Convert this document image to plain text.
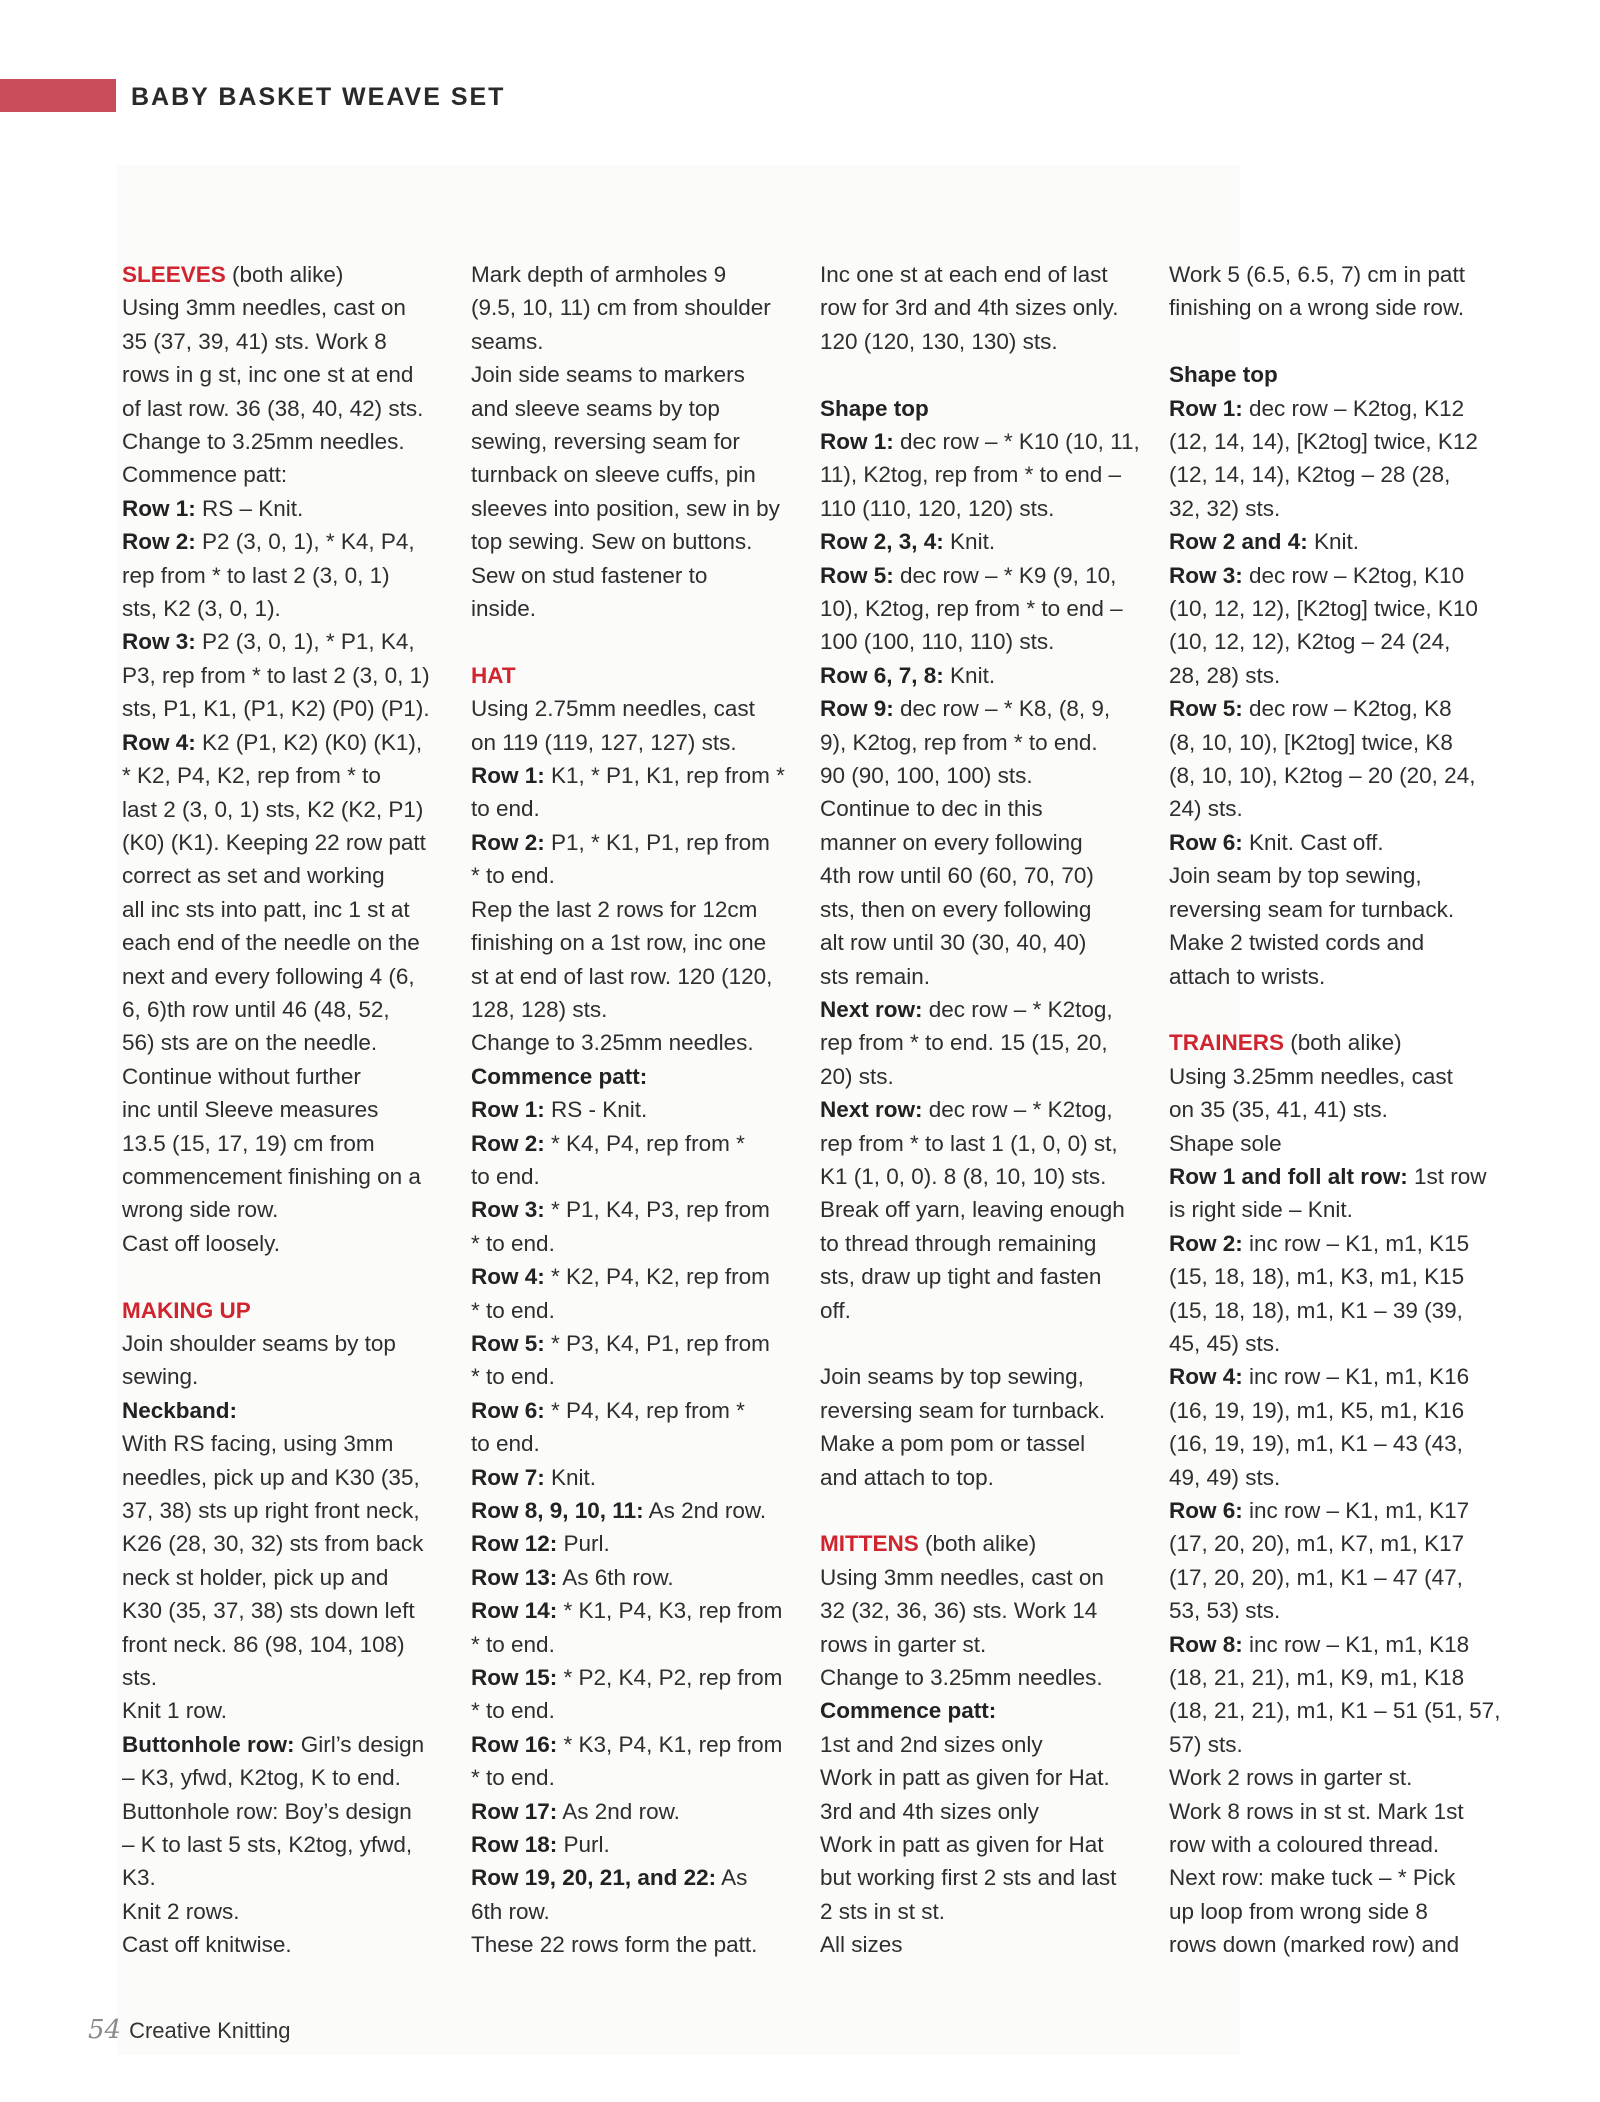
BABY BASKET WEAVE SET
SLEEVES (both alike)
Using 3mm needles, cast on
35 (37, 39, 41) sts. Work 8
rows in g st, inc one st at end
of last row. 36 (38, 40, 42) sts.
Change to 3.25mm needles.
Commence patt:
Row 1: RS – Knit.
Row 2: P2 (3, 0, 1), * K4, P4,
rep from * to last 2 (3, 0, 1)
sts, K2 (3, 0, 1).
Row 3: P2 (3, 0, 1), * P1, K4,
P3, rep from * to last 2 (3, 0, 1)
sts, P1, K1, (P1, K2) (P0) (P1).
Row 4: K2 (P1, K2) (K0) (K1),
* K2, P4, K2, rep from * to
last 2 (3, 0, 1) sts, K2 (K2, P1)
(K0) (K1). Keeping 22 row patt
correct as set and working
all inc sts into patt, inc 1 st at
each end of the needle on the
next and every following 4 (6,
6, 6)th row until 46 (48, 52,
56) sts are on the needle.
Continue without further
inc until Sleeve measures
13.5 (15, 17, 19) cm from
commencement finishing on a
wrong side row.
Cast off loosely.
MAKING UP
Join shoulder seams by top
sewing.
Neckband:
With RS facing, using 3mm
needles, pick up and K30 (35,
37, 38) sts up right front neck,
K26 (28, 30, 32) sts from back
neck st holder, pick up and
K30 (35, 37, 38) sts down left
front neck. 86 (98, 104, 108)
sts.
Knit 1 row.
Buttonhole row: Girl’s design
– K3, yfwd, K2tog, K to end.
Buttonhole row: Boy’s design
– K to last 5 sts, K2tog, yfwd,
K3.
Knit 2 rows.
Cast off knitwise.
Mark depth of armholes 9
(9.5, 10, 11) cm from shoulder
seams.
Join side seams to markers
and sleeve seams by top
sewing, reversing seam for
turnback on sleeve cuffs, pin
sleeves into position, sew in by
top sewing. Sew on buttons.
Sew on stud fastener to
inside.
HAT
Using 2.75mm needles, cast
on 119 (119, 127, 127) sts.
Row 1: K1, * P1, K1, rep from *
to end.
Row 2: P1, * K1, P1, rep from
* to end.
Rep the last 2 rows for 12cm
finishing on a 1st row, inc one
st at end of last row. 120 (120,
128, 128) sts.
Change to 3.25mm needles.
Commence patt:
Row 1: RS - Knit.
Row 2: * K4, P4, rep from *
to end.
Row 3: * P1, K4, P3, rep from
* to end.
Row 4: * K2, P4, K2, rep from
* to end.
Row 5: * P3, K4, P1, rep from
* to end.
Row 6: * P4, K4, rep from *
to end.
Row 7: Knit.
Row 8, 9, 10, 11: As 2nd row.
Row 12: Purl.
Row 13: As 6th row.
Row 14: * K1, P4, K3, rep from
* to end.
Row 15: * P2, K4, P2, rep from
* to end.
Row 16: * K3, P4, K1, rep from
* to end.
Row 17: As 2nd row.
Row 18: Purl.
Row 19, 20, 21, and 22: As
6th row.
These 22 rows form the patt.
Inc one st at each end of last
row for 3rd and 4th sizes only.
120 (120, 130, 130) sts.
Shape top
Row 1: dec row – * K10 (10, 11,
11), K2tog, rep from * to end –
110 (110, 120, 120) sts.
Row 2, 3, 4: Knit.
Row 5: dec row – * K9 (9, 10,
10), K2tog, rep from * to end –
100 (100, 110, 110) sts.
Row 6, 7, 8: Knit.
Row 9: dec row – * K8, (8, 9,
9), K2tog, rep from * to end.
90 (90, 100, 100) sts.
Continue to dec in this
manner on every following
4th row until 60 (60, 70, 70)
sts, then on every following
alt row until 30 (30, 40, 40)
sts remain.
Next row: dec row – * K2tog,
rep from * to end. 15 (15, 20,
20) sts.
Next row: dec row – * K2tog,
rep from * to last 1 (1, 0, 0) st,
K1 (1, 0, 0). 8 (8, 10, 10) sts.
Break off yarn, leaving enough
to thread through remaining
sts, draw up tight and fasten
off.
Join seams by top sewing,
reversing seam for turnback.
Make a pom pom or tassel
and attach to top.
MITTENS (both alike)
Using 3mm needles, cast on
32 (32, 36, 36) sts. Work 14
rows in garter st.
Change to 3.25mm needles.
Commence patt:
1st and 2nd sizes only
Work in patt as given for Hat.
3rd and 4th sizes only
Work in patt as given for Hat
but working first 2 sts and last
2 sts in st st.
All sizes
Work 5 (6.5, 6.5, 7) cm in patt
finishing on a wrong side row.
Shape top
Row 1: dec row – K2tog, K12
(12, 14, 14), [K2tog] twice, K12
(12, 14, 14), K2tog – 28 (28,
32, 32) sts.
Row 2 and 4: Knit.
Row 3: dec row – K2tog, K10
(10, 12, 12), [K2tog] twice, K10
(10, 12, 12), K2tog – 24 (24,
28, 28) sts.
Row 5: dec row – K2tog, K8
(8, 10, 10), [K2tog] twice, K8
(8, 10, 10), K2tog – 20 (20, 24,
24) sts.
Row 6: Knit. Cast off.
Join seam by top sewing,
reversing seam for turnback.
Make 2 twisted cords and
attach to wrists.
TRAINERS (both alike)
Using 3.25mm needles, cast
on 35 (35, 41, 41) sts.
Shape sole
Row 1 and foll alt row: 1st row
is right side – Knit.
Row 2: inc row – K1, m1, K15
(15, 18, 18), m1, K3, m1, K15
(15, 18, 18), m1, K1 – 39 (39,
45, 45) sts.
Row 4: inc row – K1, m1, K16
(16, 19, 19), m1, K5, m1, K16
(16, 19, 19), m1, K1 – 43 (43,
49, 49) sts.
Row 6: inc row – K1, m1, K17
(17, 20, 20), m1, K7, m1, K17
(17, 20, 20), m1, K1 – 47 (47,
53, 53) sts.
Row 8: inc row – K1, m1, K18
(18, 21, 21), m1, K9, m1, K18
(18, 21, 21), m1, K1 – 51 (51, 57,
57) sts.
Work 2 rows in garter st.
Work 8 rows in st st. Mark 1st
row with a coloured thread.
Next row: make tuck – * Pick
up loop from wrong side 8
rows down (marked row) and
54 Creative Knitting
